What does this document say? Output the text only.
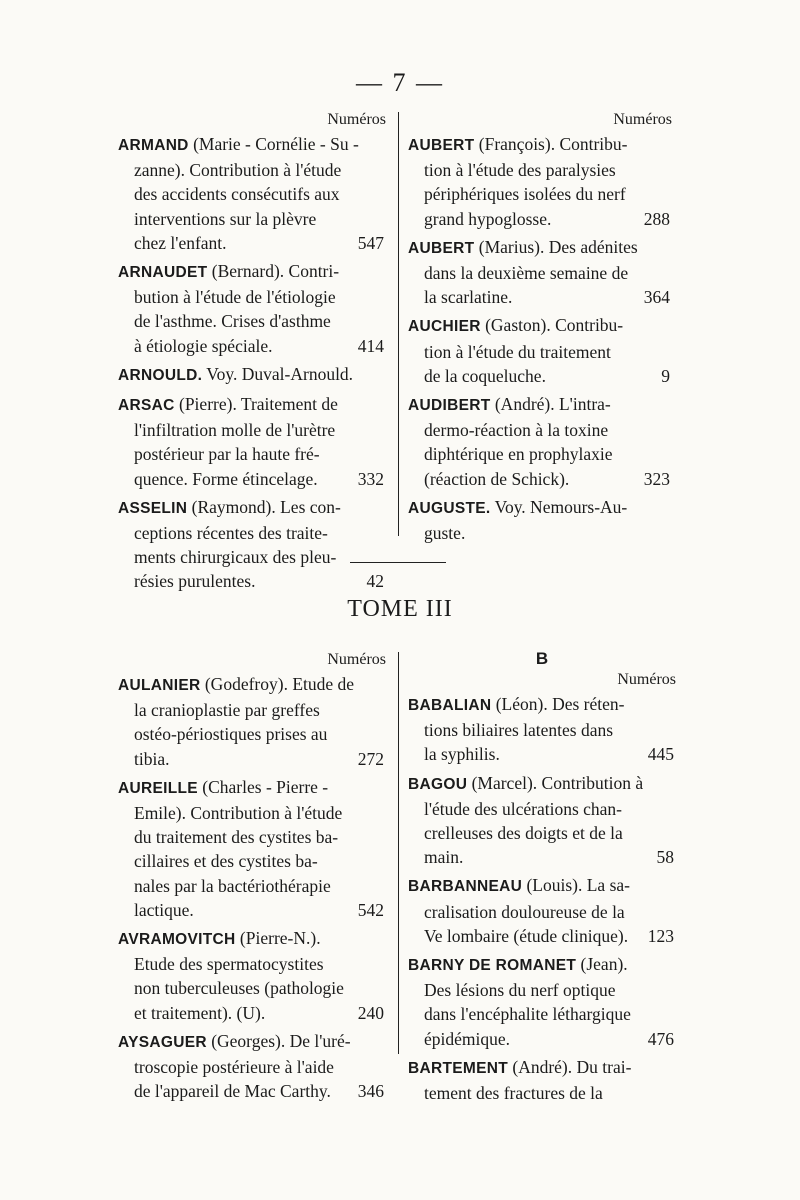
— 7 —
Numéros
ARMAND (Marie - Cornélie - Su -
zanne). Contribution à l'étude
des accidents consécutifs aux
interventions sur la plèvre
chez l'enfant.	547
ARNAUDET (Bernard). Contri-
bution à l'étude de l'étiologie
de l'asthme. Crises d'asthme
à étiologie spéciale.	414
ARNOULD. Voy. Duval-Arnould.
ARSAC (Pierre). Traitement de
l'infiltration molle de l'urètre
postérieur par la haute fré-
quence. Forme étincelage. 332
ASSELIN (Raymond). Les con-
ceptions récentes des traite-
ments chirurgicaux des pleu-
résies purulentes.	42
Numéros
AUBERT (François). Contribu-
tion à l'étude des paralysies
périphériques isolées du nerf
grand hypoglosse.	288
AUBERT (Marius). Des adénites
dans la deuxième semaine de
la scarlatine.	364
AUCHIER (Gaston). Contribu-
tion à l'étude du traitement
de la coqueluche.	9
AUDIBERT (André). L'intra-
dermo-réaction à la toxine
diphtérique en prophylaxie
(réaction de Schick).	323
AUGUSTE. Voy. Nemours-Au-
guste.
TOME III
Numéros
AULANIER (Godefroy). Etude de
la cranioplastie par greffes
ostéo-périostiques prises au
tibia.	272
AUREILLE (Charles - Pierre -
Emile). Contribution à l'étude
du traitement des cystites ba-
cillaires et des cystites ba-
nales par la bactériothérapie
lactique.	542
AVRAMOVITCH (Pierre-N.).
Etude des spermatocystites
non tuberculeuses (pathologie
et traitement). (U).	240
AYSAGUER (Georges). De l'uré-
troscopie postérieure à l'aide
de l'appareil de Mac Carthy. 346
B
Numéros
BABALIAN (Léon). Des réten-
tions biliaires latentes dans
la syphilis.	445
BAGOU (Marcel). Contribution à
l'étude des ulcérations chan-
crelleuses des doigts et de la
main.	58
BARBANNEAU (Louis). La sa-
cralisation douloureuse de la
Ve lombaire (étude clinique). 123
BARNY DE ROMANET (Jean).
Des lésions du nerf optique
dans l'encéphalite léthargique
épidémique.	476
BARTEMENT (André). Du trai-
tement des fractures de la
